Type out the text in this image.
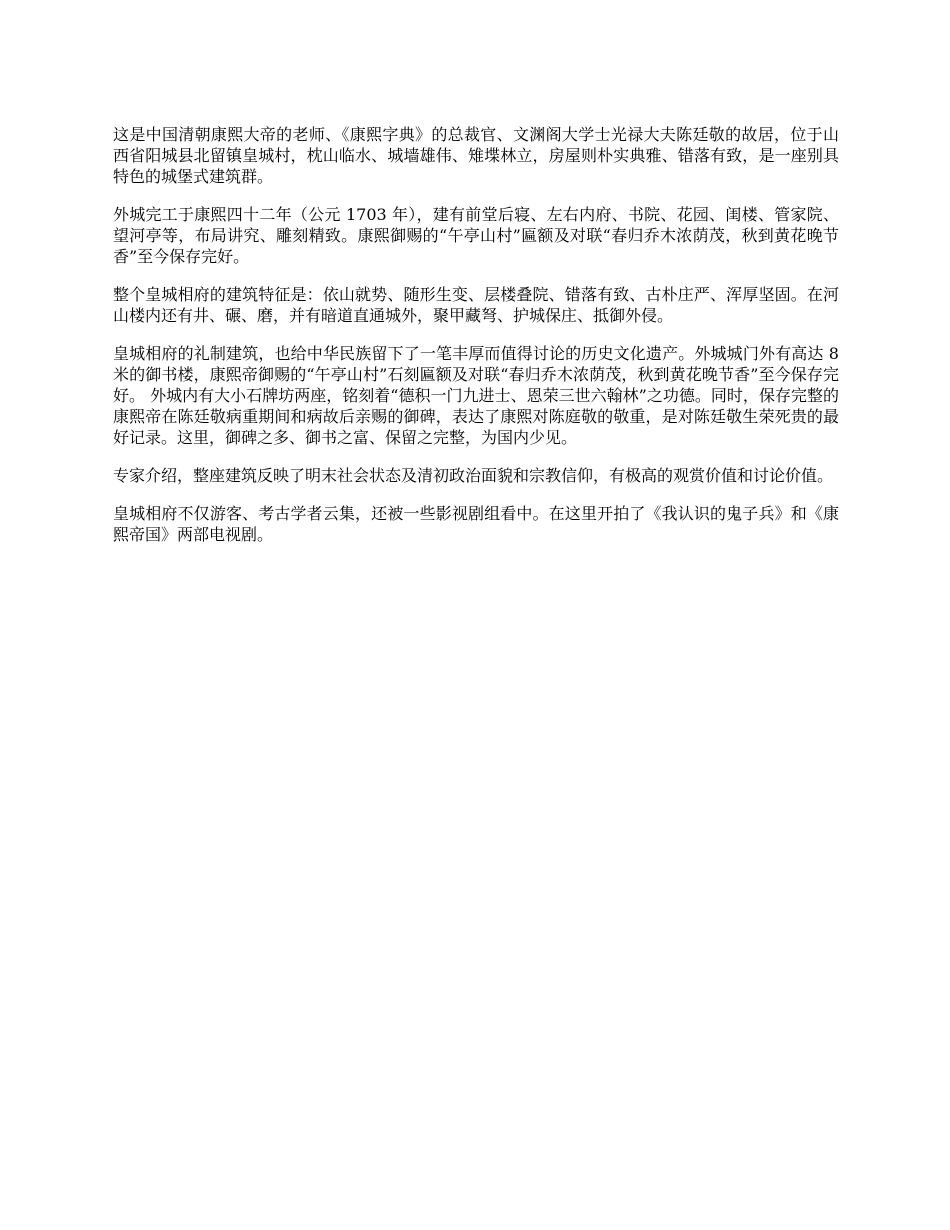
这是中国清朝康熙大帝的老师、《康熙字典》的总裁官、文渊阁大学士光禄大夫陈廷敬的故居，位于山西省阳城县北留镇皇城村，枕山临水、城墙雄伟、雉堞林立，房屋则朴实典雅、错落有致，是一座别具特色的城堡式建筑群。

外城完工于康熙四十二年（公元 1703 年），建有前堂后寝、左右内府、书院、花园、闺楼、管家院、望河亭等，布局讲究、雕刻精致。康熙御赐的“午亭山村”匾额及对联“春归乔木浓荫茂，秋到黄花晚节香”至今保存完好。

整个皇城相府的建筑特征是：依山就势、随形生变、层楼叠院、错落有致、古朴庄严、浑厚坚固。在河山楼内还有井、碾、磨，并有暗道直通城外，聚甲藏弩、护城保庄、抵御外侵。

皇城相府的礼制建筑，也给中华民族留下了一笔丰厚而值得讨论的历史文化遗产。外城城门外有高达 8 米的御书楼，康熙帝御赐的“午亭山村”石刻匾额及对联“春归乔木浓荫茂，秋到黄花晚节香”至今保存完好。 外城内有大小石牌坊两座，铭刻着“德积一门九进士、恩荣三世六翰林”之功德。同时，保存完整的康熙帝在陈廷敬病重期间和病故后亲赐的御碑，表达了康熙对陈庭敬的敬重，是对陈廷敬生荣死贵的最好记录。这里，御碑之多、御书之富、保留之完整，为国内少见。

专家介绍，整座建筑反映了明末社会状态及清初政治面貌和宗教信仰，有极高的观赏价值和讨论价值。

皇城相府不仅游客、考古学者云集，还被一些影视剧组看中。在这里开拍了《我认识的鬼子兵》和《康熙帝国》两部电视剧。
